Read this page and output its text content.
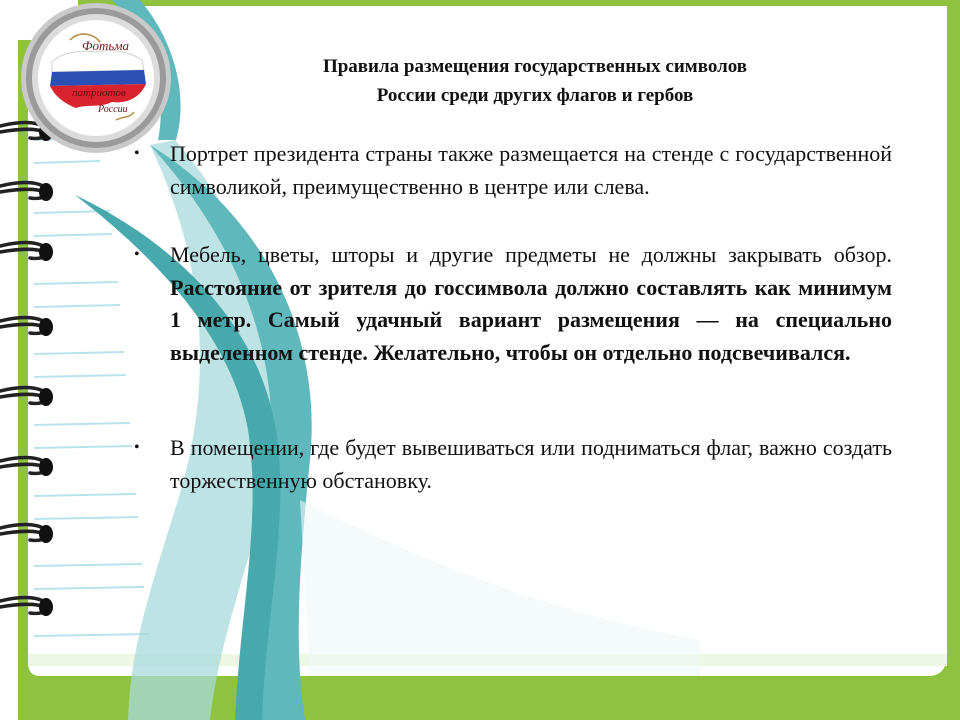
Фотьма
патриотов
России
Правила размещения государственных символов
России среди других флагов и гербов
• Портрет президента страны также размещается на стенде с государственной символикой, преимущественно в центре или слева.
• Мебель, цветы, шторы и другие предметы не должны закрывать обзор. Расстояние от зрителя до госсимвола должно составлять как минимум 1 метр. Самый удачный вариант размещения — на специально выделенном стенде. Желательно, чтобы он отдельно подсвечивался.
• В помещении, где будет вывешиваться или подниматься флаг, важно создать торжественную обстановку.
